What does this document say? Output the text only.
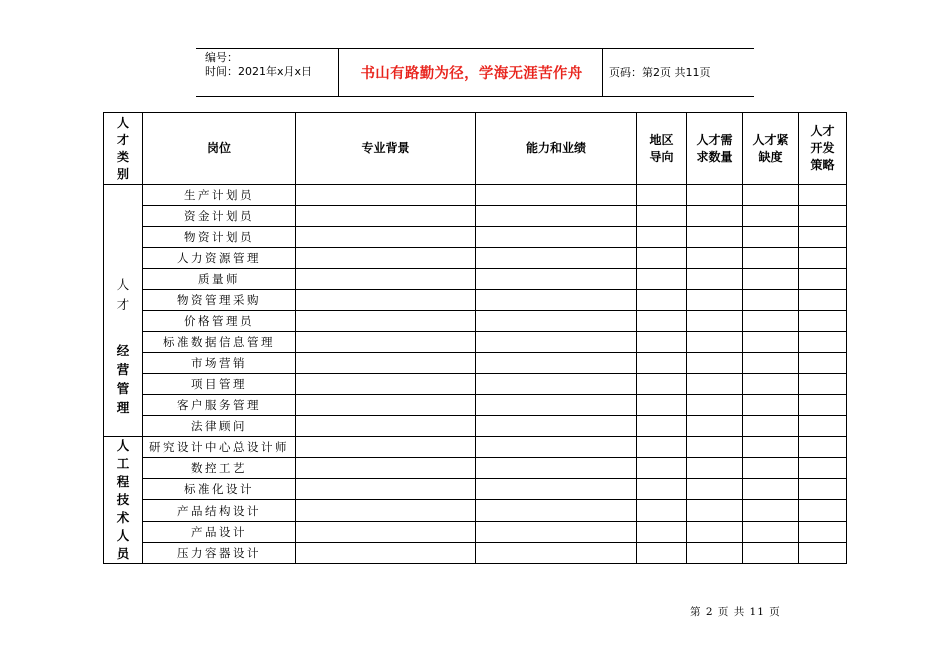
编号：
时间：2021年x月x日	书山有路勤为径，学海无涯苦作舟	页码：第2页 共11页
人才类别	岗位	专业背景	能力和业绩	地区导向	人才需求数量	人才紧缺度	人才开发策略

人 才
经营管理	生产计划员						
	资金计划员						
	物资计划员						
	人力资源管理						
	质量师						
	物资管理采购						
	价格管理员						
	标准数据信息管理						
	市场营销						
	项目管理						
	客户服务管理						
	法律顾问						

人工程技术人员	研究设计中心总设计师						
	数控工艺						
	标准化设计						
	产品结构设计						
	产品设计						
	压力容器设计						
第 2 页 共 11 页
